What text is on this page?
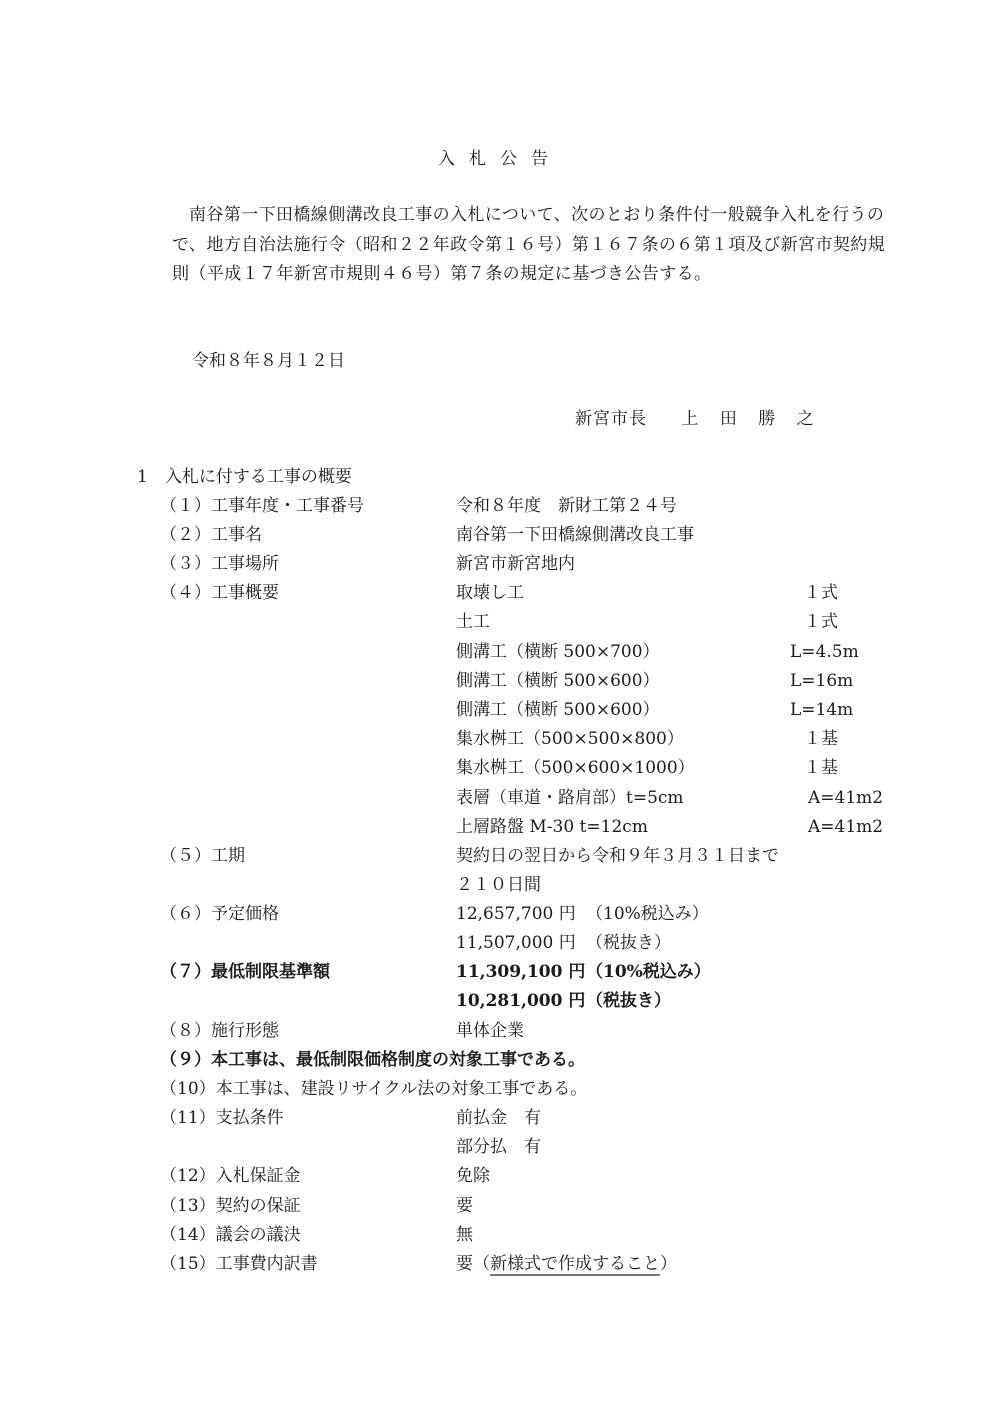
入札公告
南谷第一下田橋線側溝改良工事の入札について、次のとおり条件付一般競争入札を行うので、地方自治法施行令（昭和２２年政令第１６号）第１６７条の６第１項及び新宮市契約規則（平成１７年新宮市規則４６号）第７条の規定に基づき公告する。
令和８年８月１２日
新宮市長 上 田 勝 之
1　入札に付する工事の概要
（１）工事年度・工事番号	令和８年度　新財工第２４号
（２）工事名	南谷第一下田橋線側溝改良工事
（３）工事場所	新宮市新宮地内
（４）工事概要	取壊し工	１式
土工	１式
側溝工（横断 500×700）	L=4.5m
側溝工（横断 500×600）	L=16m
側溝工（横断 500×600）	L=14m
集水桝工（500×500×800）	１基
集水桝工（500×600×1000）	１基
表層（車道・路肩部）t=5cm	A=41m2
上層路盤 M-30 t=12cm	A=41m2
（５）工期	契約日の翌日から令和９年３月３１日まで
２１０日間
（６）予定価格	12,657,700 円 （10%税込み）
11,507,000 円 （税抜き）
（７）最低制限基準額	11,309,100 円（10%税込み）
10,281,000 円（税抜き）
（８）施行形態	単体企業
（９）本工事は、最低制限価格制度の対象工事である。
（10）本工事は、建設リサイクル法の対象工事である。
（11）支払条件	前払金　有
部分払　有
（12）入札保証金	免除
（13）契約の保証	要
（14）議会の議決	無
（15）工事費内訳書	要（新様式で作成すること）
